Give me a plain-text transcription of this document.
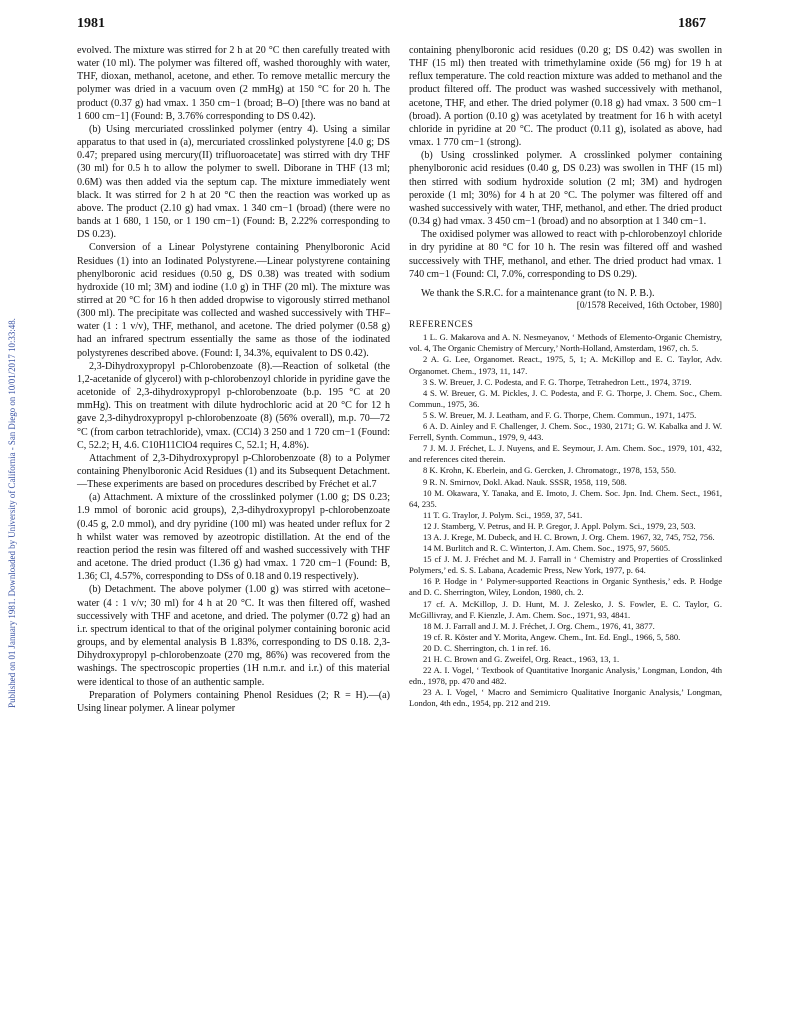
Published on 01 January 1981. Downloaded by University of California - San Diego on 10/01/2017 10:33:48.
1981	1867

evolved. The mixture was stirred for 2 h at 20 °C then carefully treated with water (10 ml). The polymer was filtered off, washed thoroughly with water, THF, dioxan, methanol, acetone, and ether. To remove metallic mercury the polymer was dried in a vacuum oven (2 mmHg) at 150 °C for 20 h. The product (0.37 g) had νmax. 1 350 cm−1 (broad; B–O) [there was no band at 1 600 cm−1] (Found: B, 3.76% corresponding to DS 0.42).

(b) Using mercuriated crosslinked polymer (entry 4). Using a similar apparatus to that used in (a), mercuriated crosslinked polystyrene [4.0 g; DS 0.47; prepared using mercury(II) trifluoroacetate] was stirred with dry THF (30 ml) for 0.5 h to allow the polymer to swell. Diborane in THF (13 ml; 0.6M) was then added via the septum cap. The mixture immediately went black. It was stirred for 2 h at 20 °C then the reaction was worked up as above. The product (2.10 g) had νmax. 1 340 cm−1 (broad) (there were no bands at 1 680, 1 150, or 1 190 cm−1) (Found: B, 2.22% corresponding to DS 0.23).

Conversion of a Linear Polystyrene containing Phenylboronic Acid Residues (1) into an Iodinated Polystyrene.—Linear polystyrene containing phenylboronic acid residues (0.50 g, DS 0.38) was treated with sodium hydroxide (10 ml; 3M) and iodine (1.0 g) in THF (20 ml). The mixture was stirred at 20 °C for 16 h then added dropwise to vigorously stirred methanol (300 ml). The precipitate was collected and washed successively with THF–water (1 : 1 v/v), THF, methanol, and acetone. The dried polymer (0.58 g) had an infrared spectrum essentially the same as those of the iodinated polystyrenes described above. (Found: I, 34.3%, equivalent to DS 0.42).

2,3-Dihydroxypropyl p-Chlorobenzoate (8).—Reaction of solketal (the 1,2-acetanide of glycerol) with p-chlorobenzoyl chloride in pyridine gave the acetonide of 2,3-dihydroxypropyl p-chlorobenzoate (b.p. 195 °C at 20 mmHg). This on treatment with dilute hydrochloric acid at 20 °C for 12 h gave 2,3-dihydroxypropyl p-chlorobenzoate (8) (56% overall), m.p. 70—72 °C (from carbon tetrachloride), νmax. (CCl4) 3 250 and 1 720 cm−1 (Found: C, 52.2; H, 4.6. C10H11ClO4 requires C, 52.1; H, 4.8%).

Attachment of 2,3-Dihydroxypropyl p-Chlorobenzoate (8) to a Polymer containing Phenylboronic Acid Residues (1) and its Subsequent Detachment.—These experiments are based on procedures described by Fréchet et al.7

(a) Attachment. A mixture of the crosslinked polymer (1.00 g; DS 0.23; 1.9 mmol of boronic acid groups), 2,3-dihydroxypropyl p-chlorobenzoate (0.45 g, 2.0 mmol), and dry pyridine (100 ml) was heated under reflux for 2 h whilst water was removed by azeotropic distillation. At the end of the reaction period the resin was filtered off and washed successively with THF and acetone. The dried product (1.36 g) had νmax. 1 720 cm−1 (Found: B, 1.36; Cl, 4.57%, corresponding to DSs of 0.18 and 0.19 respectively).

(b) Detachment. The above polymer (1.00 g) was stirred with acetone–water (4 : 1 v/v; 30 ml) for 4 h at 20 °C. It was then filtered off, washed successively with THF and acetone, and dried. The polymer (0.72 g) had an i.r. spectrum identical to that of the original polymer containing boronic acid groups, and by elemental analysis B 1.83%, corresponding to DS 0.18. 2,3-Dihydroxypropyl p-chlorobenzoate (270 mg, 86%) was recovered from the washings. The spectroscopic properties (1H n.m.r. and i.r.) of this material were identical to those of an authentic sample.

Preparation of Polymers containing Phenol Residues (2; R = H).—(a) Using linear polymer. A linear polymer

containing phenylboronic acid residues (0.20 g; DS 0.42) was swollen in THF (15 ml) then treated with trimethylamine oxide (56 mg) for 19 h at reflux temperature. The cold reaction mixture was added to methanol and the product filtered off. The product was washed successively with methanol, acetone, THF, and ether. The dried polymer (0.18 g) had νmax. 3 500 cm−1 (broad). A portion (0.10 g) was acetylated by treatment for 16 h with acetyl chloride in pyridine at 20 °C. The product (0.11 g), isolated as above, had νmax. 1 770 cm−1 (strong).

(b) Using crosslinked polymer. A crosslinked polymer containing phenylboronic acid residues (0.40 g, DS 0.23) was swollen in THF (15 ml) then stirred with sodium hydroxide solution (2 ml; 3M) and hydrogen peroxide (1 ml; 30%) for 4 h at 20 °C. The polymer was filtered off and washed successively with water, THF, methanol, and ether. The dried product (0.34 g) had νmax. 3 450 cm−1 (broad) and no absorption at 1 340 cm−1.

The oxidised polymer was allowed to react with p-chlorobenzoyl chloride in dry pyridine at 80 °C for 10 h. The resin was filtered off and washed successively with THF, methanol, and ether. The dried product had νmax. 1 740 cm−1 (Found: Cl, 7.0%, corresponding to DS 0.29).

We thank the S.R.C. for a maintenance grant (to N. P. B.).

[0/1578 Received, 16th October, 1980]

REFERENCES

1 L. G. Makarova and A. N. Nesmeyanov, ‘ Methods of Elemento-Organic Chemistry, vol. 4, The Organic Chemistry of Mercury,’ North-Holland, Amsterdam, 1967, ch. 5.

2 A. G. Lee, Organomet. React., 1975, 5, 1; A. McKillop and E. C. Taylor, Adv. Organomet. Chem., 1973, 11, 147.

3 S. W. Breuer, J. C. Podesta, and F. G. Thorpe, Tetrahedron Lett., 1974, 3719.

4 S. W. Breuer, G. M. Pickles, J. C. Podesta, and F. G. Thorpe, J. Chem. Soc., Chem. Commun., 1975, 36.

5 S. W. Breuer, M. J. Leatham, and F. G. Thorpe, Chem. Commun., 1971, 1475.

6 A. D. Ainley and F. Challenger, J. Chem. Soc., 1930, 2171; G. W. Kabalka and J. W. Ferrell, Synth. Commun., 1979, 9, 443.

7 J. M. J. Fréchet, L. J. Nuyens, and E. Seymour, J. Am. Chem. Soc., 1979, 101, 432, and references cited therein.

8 K. Krohn, K. Eberlein, and G. Gercken, J. Chromatogr., 1978, 153, 550.

9 R. N. Smirnov, Dokl. Akad. Nauk. SSSR, 1958, 119, 508.

10 M. Okawara, Y. Tanaka, and E. Imoto, J. Chem. Soc. Jpn. Ind. Chem. Sect., 1961, 64, 235.

11 T. G. Traylor, J. Polym. Sci., 1959, 37, 541.

12 J. Stamberg, V. Petrus, and H. P. Gregor, J. Appl. Polym. Sci., 1979, 23, 503.

13 A. J. Krege, M. Dubeck, and H. C. Brown, J. Org. Chem. 1967, 32, 745, 752, 756.

14 M. Burlitch and R. C. Winterton, J. Am. Chem. Soc., 1975, 97, 5605.

15 cf J. M. J. Fréchet and M. J. Farrall in ‘ Chemistry and Properties of Crosslinked Polymers,’ ed. S. S. Labana, Academic Press, New York, 1977, p. 64.

16 P. Hodge in ‘ Polymer-supported Reactions in Organic Synthesis,’ eds. P. Hodge and D. C. Sherrington, Wiley, London, 1980, ch. 2.

17 cf. A. McKillop, J. D. Hunt, M. J. Zelesko, J. S. Fowler, E. C. Taylor, G. McGillivray, and F. Kienzle, J. Am. Chem. Soc., 1971, 93, 4841.

18 M. J. Farrall and J. M. J. Fréchet, J. Org. Chem., 1976, 41, 3877.

19 cf. R. Köster and Y. Morita, Angew. Chem., Int. Ed. Engl., 1966, 5, 580.

20 D. C. Sherrington, ch. 1 in ref. 16.

21 H. C. Brown and G. Zweifel, Org. React., 1963, 13, 1.

22 A. I. Vogel, ‘ Textbook of Quantitative Inorganic Analysis,’ Longman, London, 4th edn., 1978, pp. 470 and 482.

23 A. I. Vogel, ‘ Macro and Semimicro Qualitative Inorganic Analysis,’ Longman, London, 4th edn., 1954, pp. 212 and 219.
